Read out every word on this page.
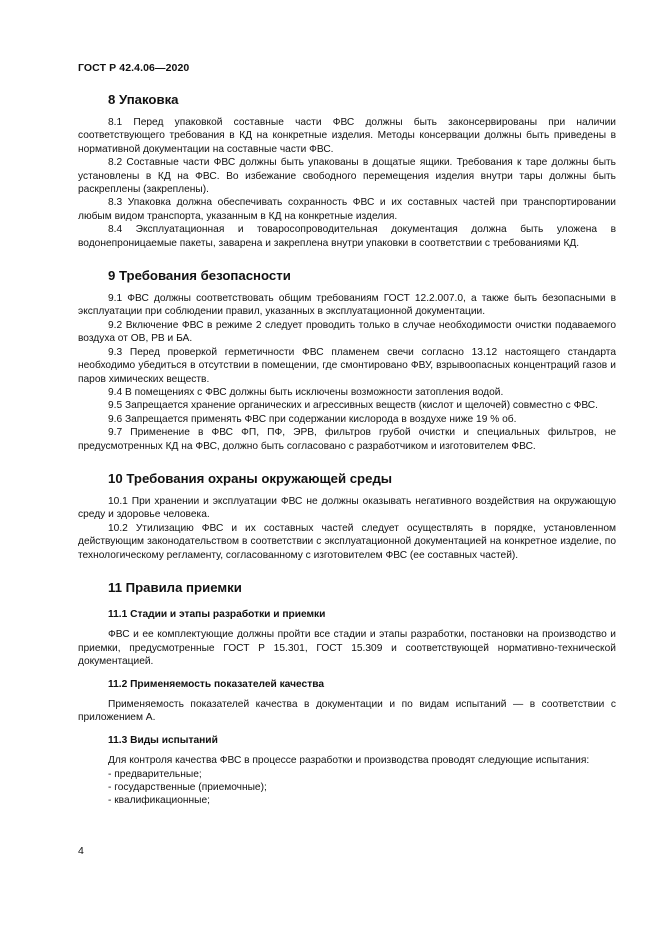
ГОСТ Р 42.4.06—2020
8 Упаковка

8.1 Перед упаковкой составные части ФВС должны быть законсервированы при наличии соответствующего требования в КД на конкретные изделия. Методы консервации должны быть приведены в нормативной документации на составные части ФВС.

8.2 Составные части ФВС должны быть упакованы в дощатые ящики. Требования к таре должны быть установлены в КД на ФВС. Во избежание свободного перемещения изделия внутри тары должны быть раскреплены (закреплены).

8.3 Упаковка должна обеспечивать сохранность ФВС и их составных частей при транспортировании любым видом транспорта, указанным в КД на конкретные изделия.

8.4 Эксплуатационная и товаросопроводительная документация должна быть уложена в водонепроницаемые пакеты, заварена и закреплена внутри упаковки в соответствии с требованиями КД.

9 Требования безопасности

9.1 ФВС должны соответствовать общим требованиям ГОСТ 12.2.007.0, а также быть безопасными в эксплуатации при соблюдении правил, указанных в эксплуатационной документации.

9.2 Включение ФВС в режиме 2 следует проводить только в случае необходимости очистки подаваемого воздуха от ОВ, РВ и БА.

9.3 Перед проверкой герметичности ФВС пламенем свечи согласно 13.12 настоящего стандарта необходимо убедиться в отсутствии в помещении, где смонтировано ФВУ, взрывоопасных концентраций газов и паров химических веществ.

9.4 В помещениях с ФВС должны быть исключены возможности затопления водой.

9.5 Запрещается хранение органических и агрессивных веществ (кислот и щелочей) совместно с ФВС.

9.6 Запрещается применять ФВС при содержании кислорода в воздухе ниже 19 % об.

9.7 Применение в ФВС ФП, ПФ, ЭРВ, фильтров грубой очистки и специальных фильтров, не предусмотренных КД на ФВС, должно быть согласовано с разработчиком и изготовителем ФВС.

10 Требования охраны окружающей среды

10.1 При хранении и эксплуатации ФВС не должны оказывать негативного воздействия на окружающую среду и здоровье человека.

10.2 Утилизацию ФВС и их составных частей следует осуществлять в порядке, установленном действующим законодательством в соответствии с эксплуатационной документацией на конкретное изделие, по технологическому регламенту, согласованному с изготовителем ФВС (ее составных частей).

11 Правила приемки
11.1 Стадии и этапы разработки и приемки

ФВС и ее комплектующие должны пройти все стадии и этапы разработки, постановки на производство и приемки, предусмотренные ГОСТ Р 15.301, ГОСТ 15.309 и соответствующей нормативно-технической документацией.

11.2 Применяемость показателей качества

Применяемость показателей качества в документации и по видам испытаний — в соответствии с приложением А.

11.3 Виды испытаний

Для контроля качества ФВС в процессе разработки и производства проводят следующие испытания:

- предварительные;
- государственные (приемочные);
- квалификационные;
4
